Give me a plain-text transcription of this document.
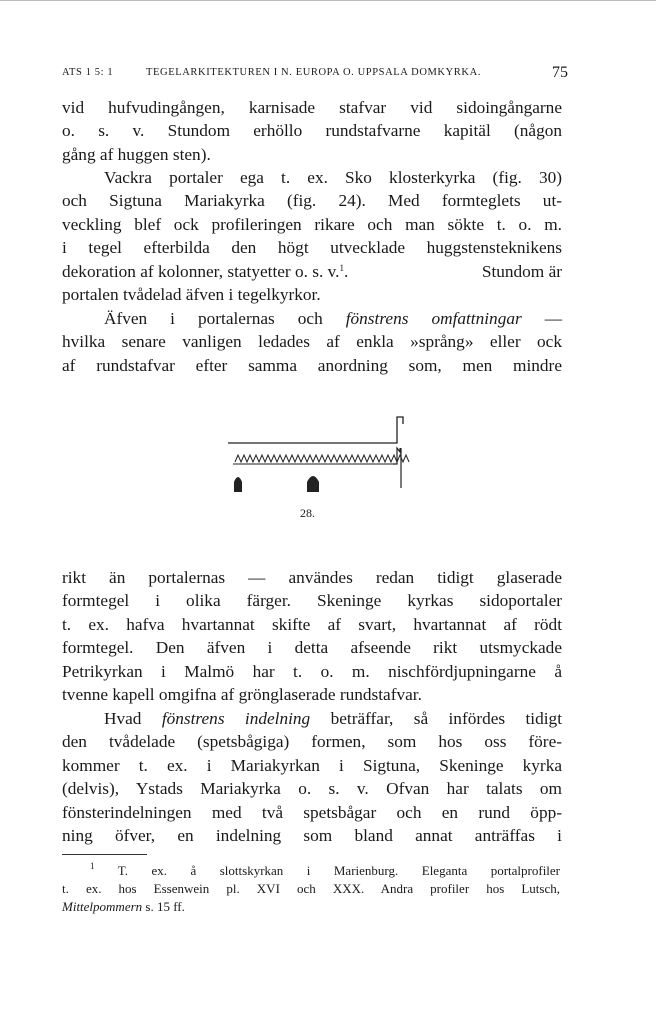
ATS 1 5: 1	TEGELARKITEKTUREN I N. EUROPA O. UPPSALA DOMKYRKA.	75
vid hufvudingången, karnisade stafvar vid sidoingångarne
o. s. v. Stundom erhöllo rundstafvarne kapitäl (någon
gång af huggen sten).
Vackra portaler ega t. ex. Sko klosterkyrka (fig. 30)
och Sigtuna Mariakyrka (fig. 24). Med formteglets ut-
veckling blef ock profileringen rikare och man sökte t. o. m.
i tegel efterbilda den högt utvecklade huggstensteknikens
dekoration af kolonner, statyetter o. s. v.$^1$.	Stundom är
portalen tvådelad äfven i tegelkyrkor.
Äfven i portalernas och fönstrens omfattningar —
hvilka senare vanligen ledades af enkla »språng» eller ock
af rundstafvar efter samma anordning som, men mindre
28.
rikt än portalernas — användes redan tidigt glaserade
formtegel i olika färger. Skeninge kyrkas sidoportaler
t. ex. hafva hvartannat skifte af svart, hvartannat af rödt
formtegel. Den äfven i detta afseende rikt utsmyckade
Petrikyrkan i Malmö har t. o. m. nischfördjupningarne å
tvenne kapell omgifna af grönglaserade rundstafvar.
Hvad fönstrens indelning beträffar, så infördes tidigt
den tvådelade (spetsbågiga) formen, som hos oss före-
kommer t. ex. i Mariakyrkan i Sigtuna, Skeninge kyrka
(delvis), Ystads Mariakyrka o. s. v. Ofvan har talats om
fönsterindelningen med två spetsbågar och en rund öpp-
ning öfver, en indelning som bland annat anträffas i
$^1$ T. ex. å slottskyrkan i Marienburg. Eleganta portalprofiler
t. ex. hos Essenwein pl. XVI och XXX. Andra profiler hos Lutsch,
Mittelpommern s. 15 ff.
